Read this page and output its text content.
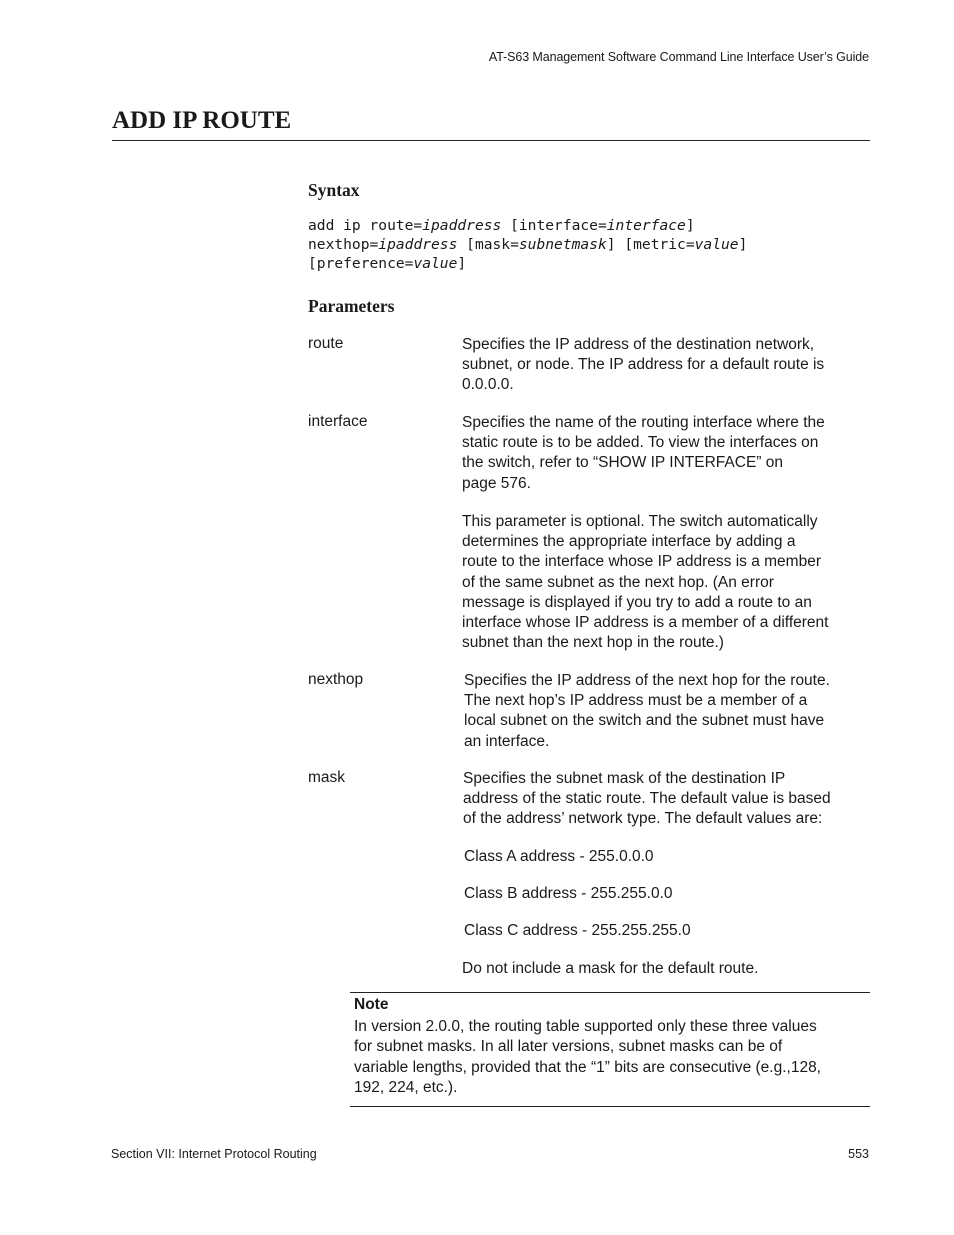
AT-S63 Management Software Command Line Interface User’s Guide
ADD IP ROUTE
Syntax
add ip route=ipaddress [interface=interface]
nexthop=ipaddress [mask=subnetmask] [metric=value]
[preference=value]
Parameters
route	Specifies the IP address of the destination network,
subnet, or node. The IP address for a default route is
0.0.0.0.
interface	Specifies the name of the routing interface where the
static route is to be added. To view the interfaces on
the switch, refer to “SHOW IP INTERFACE” on
page 576.
This parameter is optional. The switch automatically
determines the appropriate interface by adding a
route to the interface whose IP address is a member
of the same subnet as the next hop. (An error
message is displayed if you try to add a route to an
interface whose IP address is a member of a different
subnet than the next hop in the route.)
nexthop	Specifies the IP address of the next hop for the route.
The next hop’s IP address must be a member of a
local subnet on the switch and the subnet must have
an interface.
mask	Specifies the subnet mask of the destination IP
address of the static route. The default value is based
of the address’ network type. The default values are:
Class A address - 255.0.0.0
Class B address - 255.255.0.0
Class C address - 255.255.255.0
Do not include a mask for the default route.
Note
In version 2.0.0, the routing table supported only these three values
for subnet masks. In all later versions, subnet masks can be of
variable lengths, provided that the “1” bits are consecutive (e.g.,128,
192, 224, etc.).
Section VII: Internet Protocol Routing	553
